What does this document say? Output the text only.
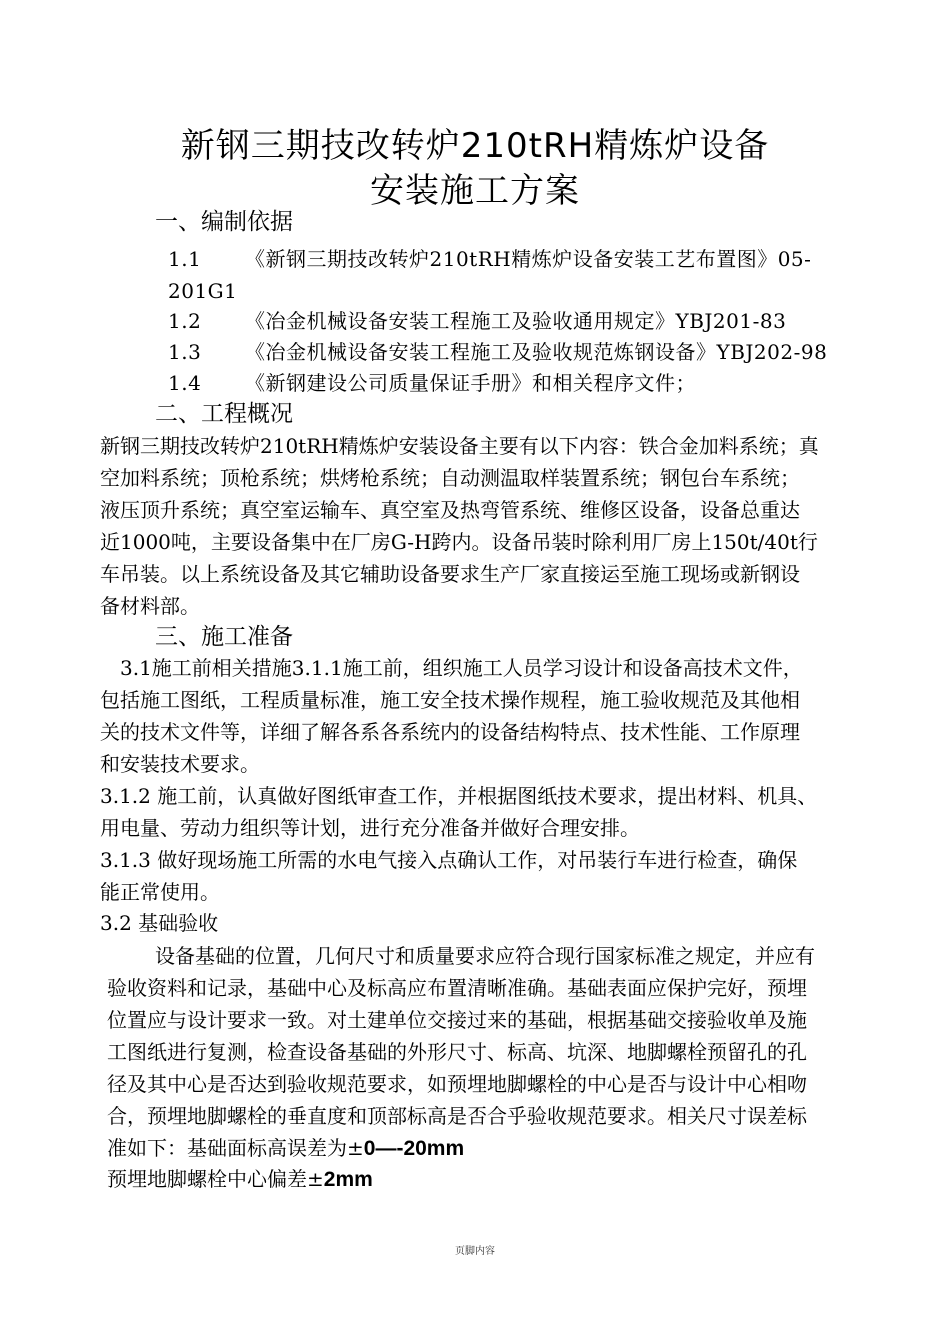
新钢三期技改转炉210tRH精炼炉设备
安装施工方案
一、编制依据
1.1 《新钢三期技改转炉210tRH精炼炉设备安装工艺布置图》05-
201G1
1.2 《冶金机械设备安装工程施工及验收通用规定》YBJ201-83
1.3 《冶金机械设备安装工程施工及验收规范炼钢设备》YBJ202-98
1.4 《新钢建设公司质量保证手册》和相关程序文件；
二、工程概况
新钢三期技改转炉210tRH精炼炉安装设备主要有以下内容：铁合金加料系统；真
空加料系统；顶枪系统；烘烤枪系统；自动测温取样装置系统；钢包台车系统；
液压顶升系统；真空室运输车、真空室及热弯管系统、维修区设备，设备总重达
近1000吨，主要设备集中在厂房G-H跨内。设备吊装时除利用厂房上150t/40t行
车吊装。以上系统设备及其它辅助设备要求生产厂家直接运至施工现场或新钢设
备材料部。
三、施工准备
3.1施工前相关措施3.1.1施工前，组织施工人员学习设计和设备高技术文件，
包括施工图纸，工程质量标准，施工安全技术操作规程，施工验收规范及其他相
关的技术文件等，详细了解各系各系统内的设备结构特点、技术性能、工作原理
和安装技术要求。
3.1.2 施工前，认真做好图纸审查工作，并根据图纸技术要求，提出材料、机具、
用电量、劳动力组织等计划，进行充分准备并做好合理安排。
3.1.3 做好现场施工所需的水电气接入点确认工作，对吊装行车进行检查，确保
能正常使用。
3.2 基础验收
设备基础的位置，几何尺寸和质量要求应符合现行国家标准之规定，并应有
验收资料和记录，基础中心及标高应布置清晰准确。基础表面应保护完好，预埋
位置应与设计要求一致。对土建单位交接过来的基础，根据基础交接验收单及施
工图纸进行复测，检查设备基础的外形尺寸、标高、坑深、地脚螺栓预留孔的孔
径及其中心是否达到验收规范要求，如预埋地脚螺栓的中心是否与设计中心相吻
合，预埋地脚螺栓的垂直度和顶部标高是否合乎验收规范要求。相关尺寸误差标
准如下：基础面标高误差为±0—-20mm
预埋地脚螺栓中心偏差±2mm
页脚内容
